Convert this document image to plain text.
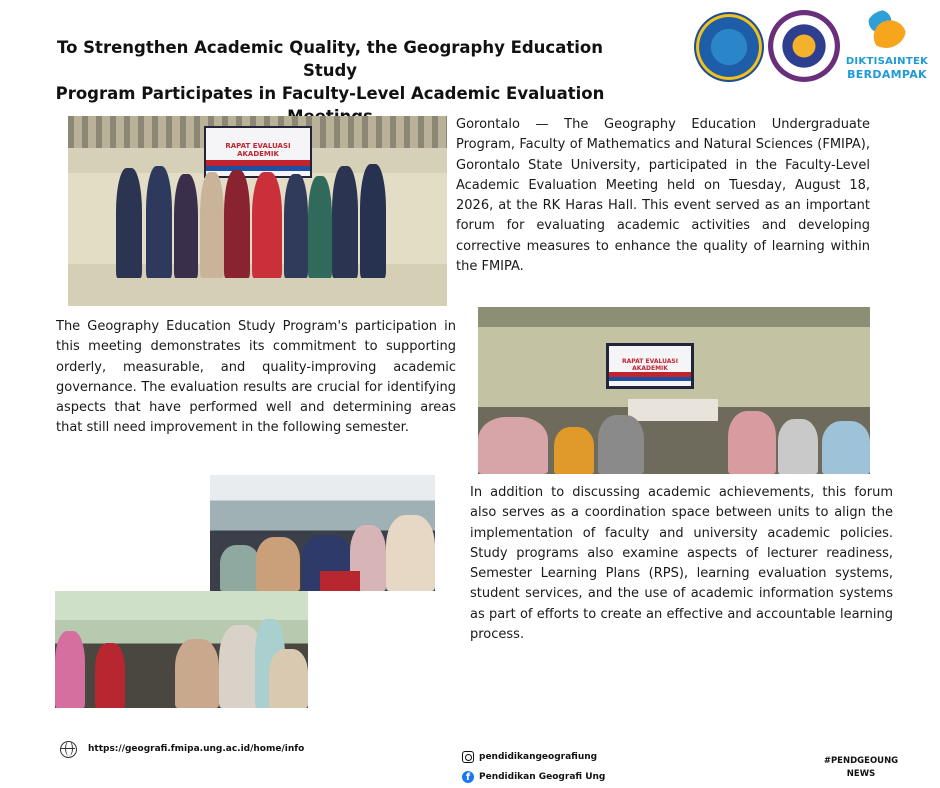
To Strengthen Academic Quality, the Geography Education Study
Program Participates in Faculty-Level Academic Evaluation
DIKTISAINTEK
BERDAMPAK
RAPAT EVALUASI AKADEMIK
Gorontalo — The Geography Education Undergraduate Program, Faculty of Mathematics and Natural Sciences (FMIPA), Gorontalo State University, participated in the Faculty-Level Academic Evaluation Meeting held on Tuesday, August 18, 2026, at the RK Haras Hall. This event served as an important forum for evaluating academic activities and developing corrective measures to enhance the quality of learning within the FMIPA.
RAPAT EVALUASI AKADEMIK
The Geography Education Study Program's participation in this meeting demonstrates its commitment to supporting orderly, measurable, and quality-improving academic governance. The evaluation results are crucial for identifying aspects that have performed well and determining areas that still need improvement in the following semester.
In addition to discussing academic achievements, this forum also serves as a coordination space between units to align the implementation of faculty and university academic policies. Study programs also examine aspects of lecturer readiness, Semester Learning Plans (RPS), learning evaluation systems, student services, and the use of academic information systems as part of efforts to create an effective and accountable learning process.
https://geografi.fmipa.ung.ac.id/home/info
pendidikangeografiung
f Pendidikan Geografi Ung
#PENDGEOUNG
NEWS
